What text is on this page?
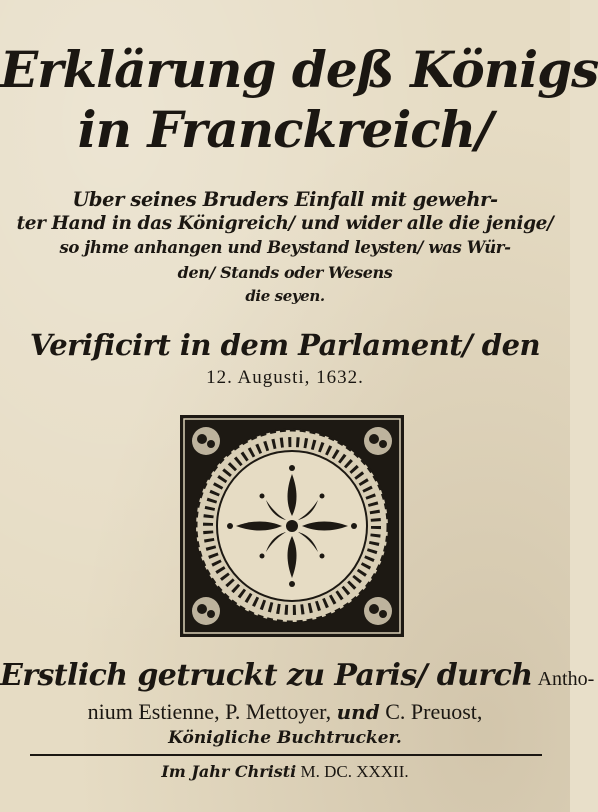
Erklärung deß Königs
in Franckreich/
Uber seines Bruders Einfall mit gewehr-
ter Hand in das Königreich/ und wider alle die jenige/
so jhme anhangen und Beystand leysten/ was Wür-
den/ Stands oder Wesens
die seyen.
Verificirt in dem Parlament/ den
12. Augusti, 1632.
Erstlich getruckt zu Paris/ durch Antho-
nium Estienne, P. Mettoyer, und C. Preuost,
Königliche Buchtrucker.
Im Jahr Christi M. DC. XXXII.
